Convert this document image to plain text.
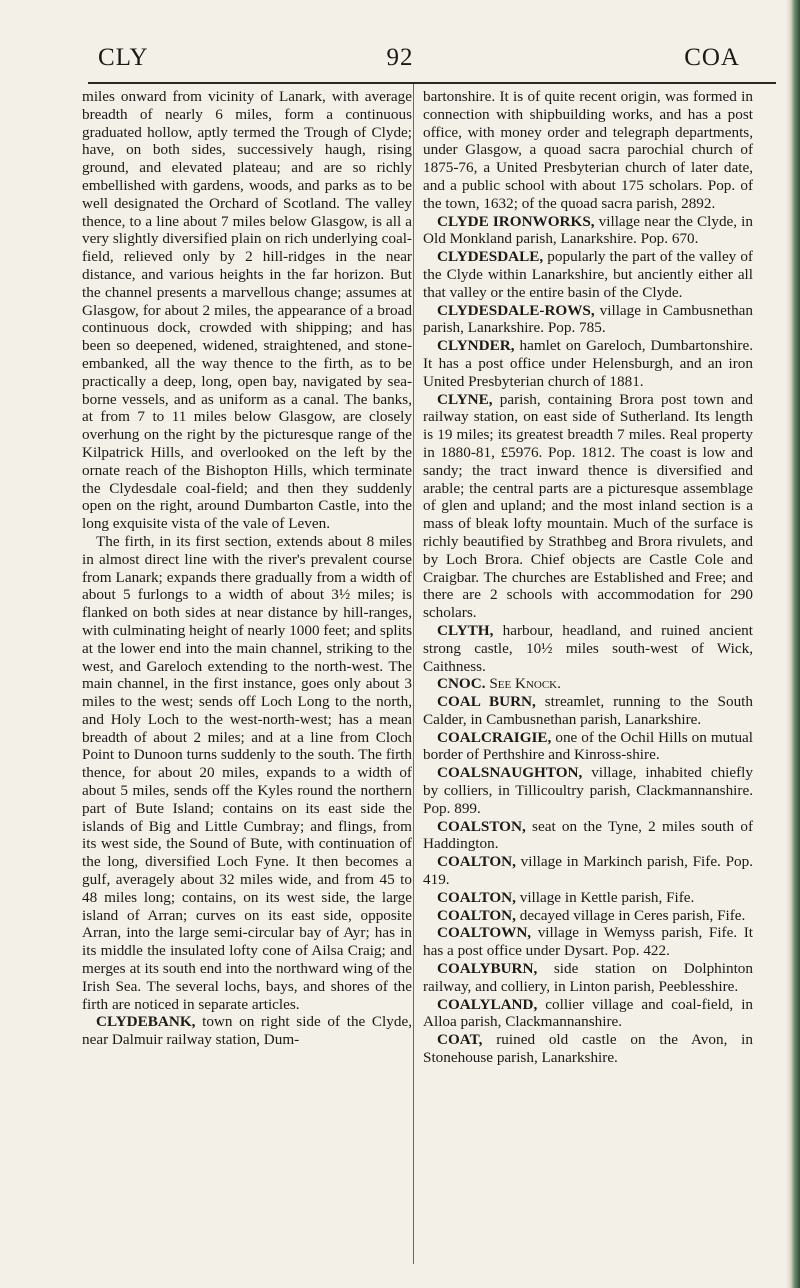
CLY	92	COA

miles onward from vicinity of Lanark, with average breadth of nearly 6 miles, form a continuous graduated hollow, aptly termed the Trough of Clyde; have, on both sides, successively haugh, rising ground, and elevated plateau; and are so richly embellished with gardens, woods, and parks as to be well designated the Orchard of Scotland. The valley thence, to a line about 7 miles below Glasgow, is all a very slightly diversified plain on rich underlying coal-field, relieved only by 2 hill-ridges in the near distance, and various heights in the far horizon. But the channel presents a marvellous change; assumes at Glasgow, for about 2 miles, the appearance of a broad continuous dock, crowded with shipping; and has been so deepened, widened, straightened, and stone-embanked, all the way thence to the firth, as to be practically a deep, long, open bay, navigated by sea-borne vessels, and as uniform as a canal. The banks, at from 7 to 11 miles below Glasgow, are closely overhung on the right by the picturesque range of the Kilpatrick Hills, and overlooked on the left by the ornate reach of the Bishopton Hills, which terminate the Clydesdale coal-field; and then they suddenly open on the right, around Dumbarton Castle, into the long exquisite vista of the vale of Leven.

The firth, in its first section, extends about 8 miles in almost direct line with the river's prevalent course from Lanark; expands there gradually from a width of about 5 furlongs to a width of about 3½ miles; is flanked on both sides at near distance by hill-ranges, with culminating height of nearly 1000 feet; and splits at the lower end into the main channel, striking to the west, and Gareloch extending to the north-west. The main channel, in the first instance, goes only about 3 miles to the west; sends off Loch Long to the north, and Holy Loch to the west-north-west; has a mean breadth of about 2 miles; and at a line from Cloch Point to Dunoon turns suddenly to the south. The firth thence, for about 20 miles, expands to a width of about 5 miles, sends off the Kyles round the northern part of Bute Island; contains on its east side the islands of Big and Little Cumbray; and flings, from its west side, the Sound of Bute, with continuation of the long, diversified Loch Fyne. It then becomes a gulf, averagely about 32 miles wide, and from 45 to 48 miles long; contains, on its west side, the large island of Arran; curves on its east side, opposite Arran, into the large semi-circular bay of Ayr; has in its middle the insulated lofty cone of Ailsa Craig; and merges at its south end into the northward wing of the Irish Sea. The several lochs, bays, and shores of the firth are noticed in separate articles.

CLYDEBANK, town on right side of the Clyde, near Dalmuir railway station, Dum-

bartonshire. It is of quite recent origin, was formed in connection with shipbuilding works, and has a post office, with money order and telegraph departments, under Glasgow, a quoad sacra parochial church of 1875-76, a United Presbyterian church of later date, and a public school with about 175 scholars. Pop. of the town, 1632; of the quoad sacra parish, 2892.

CLYDE IRONWORKS, village near the Clyde, in Old Monkland parish, Lanarkshire. Pop. 670.

CLYDESDALE, popularly the part of the valley of the Clyde within Lanarkshire, but anciently either all that valley or the entire basin of the Clyde.

CLYDESDALE-ROWS, village in Cambusnethan parish, Lanarkshire. Pop. 785.

CLYNDER, hamlet on Gareloch, Dumbartonshire. It has a post office under Helensburgh, and an iron United Presbyterian church of 1881.

CLYNE, parish, containing Brora post town and railway station, on east side of Sutherland. Its length is 19 miles; its greatest breadth 7 miles. Real property in 1880-81, £5976. Pop. 1812. The coast is low and sandy; the tract inward thence is diversified and arable; the central parts are a picturesque assemblage of glen and upland; and the most inland section is a mass of bleak lofty mountain. Much of the surface is richly beautified by Strathbeg and Brora rivulets, and by Loch Brora. Chief objects are Castle Cole and Craigbar. The churches are Established and Free; and there are 2 schools with accommodation for 290 scholars.

CLYTH, harbour, headland, and ruined ancient strong castle, 10½ miles south-west of Wick, Caithness.

CNOC. See Knock.

COAL BURN, streamlet, running to the South Calder, in Cambusnethan parish, Lanarkshire.

COALCRAIGIE, one of the Ochil Hills on mutual border of Perthshire and Kinross-shire.

COALSNAUGHTON, village, inhabited chiefly by colliers, in Tillicoultry parish, Clackmannanshire. Pop. 899.

COALSTON, seat on the Tyne, 2 miles south of Haddington.

COALTON, village in Markinch parish, Fife. Pop. 419.

COALTON, village in Kettle parish, Fife.

COALTON, decayed village in Ceres parish, Fife.

COALTOWN, village in Wemyss parish, Fife. It has a post office under Dysart. Pop. 422.

COALYBURN, side station on Dolphinton railway, and colliery, in Linton parish, Peeblesshire.

COALYLAND, collier village and coal-field, in Alloa parish, Clackmannanshire.

COAT, ruined old castle on the Avon, in Stonehouse parish, Lanarkshire.
